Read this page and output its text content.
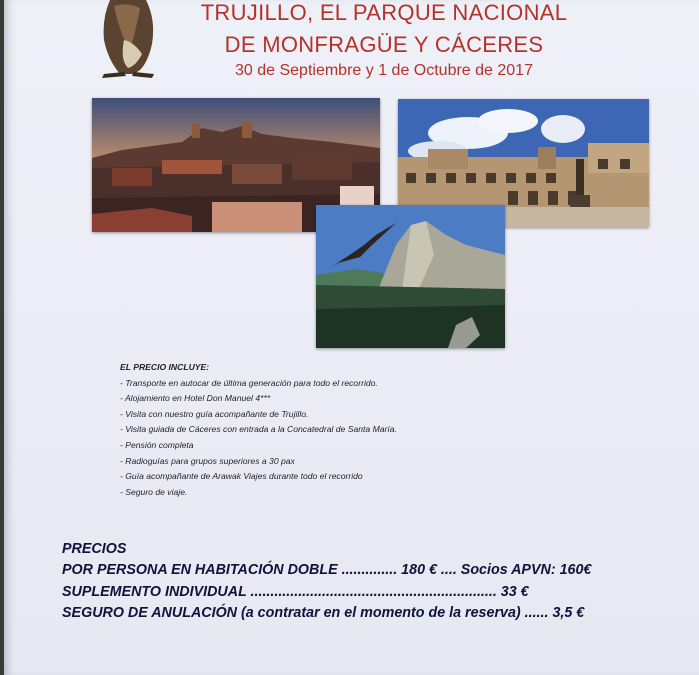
TRUJILLO, EL PARQUE NACIONAL
DE MONFRAGÜE Y CÁCERES
30 de Septiembre y 1 de Octubre de 2017
EL PRECIO INCLUYE:
- Transporte en autocar de última generación para todo el recorrido.
- Alojamiento en Hotel Don Manuel 4***
- Visita con nuestro guía acompañante de Trujillo.
- Visita guiada de Cáceres con entrada a la Concatedral de Santa María.
- Pensión completa
- Radioguías para grupos superiores a 30 pax
- Guía acompañante de Arawak Viajes durante todo el recorrido
- Seguro de viaje.
PRECIOS
POR PERSONA EN HABITACIÓN DOBLE .............. 180 € .... Socios APVN: 160€
SUPLEMENTO INDIVIDUAL .............................................................. 33 €
SEGURO DE ANULACIÓN (a contratar en el momento de la reserva) ...... 3,5 €
